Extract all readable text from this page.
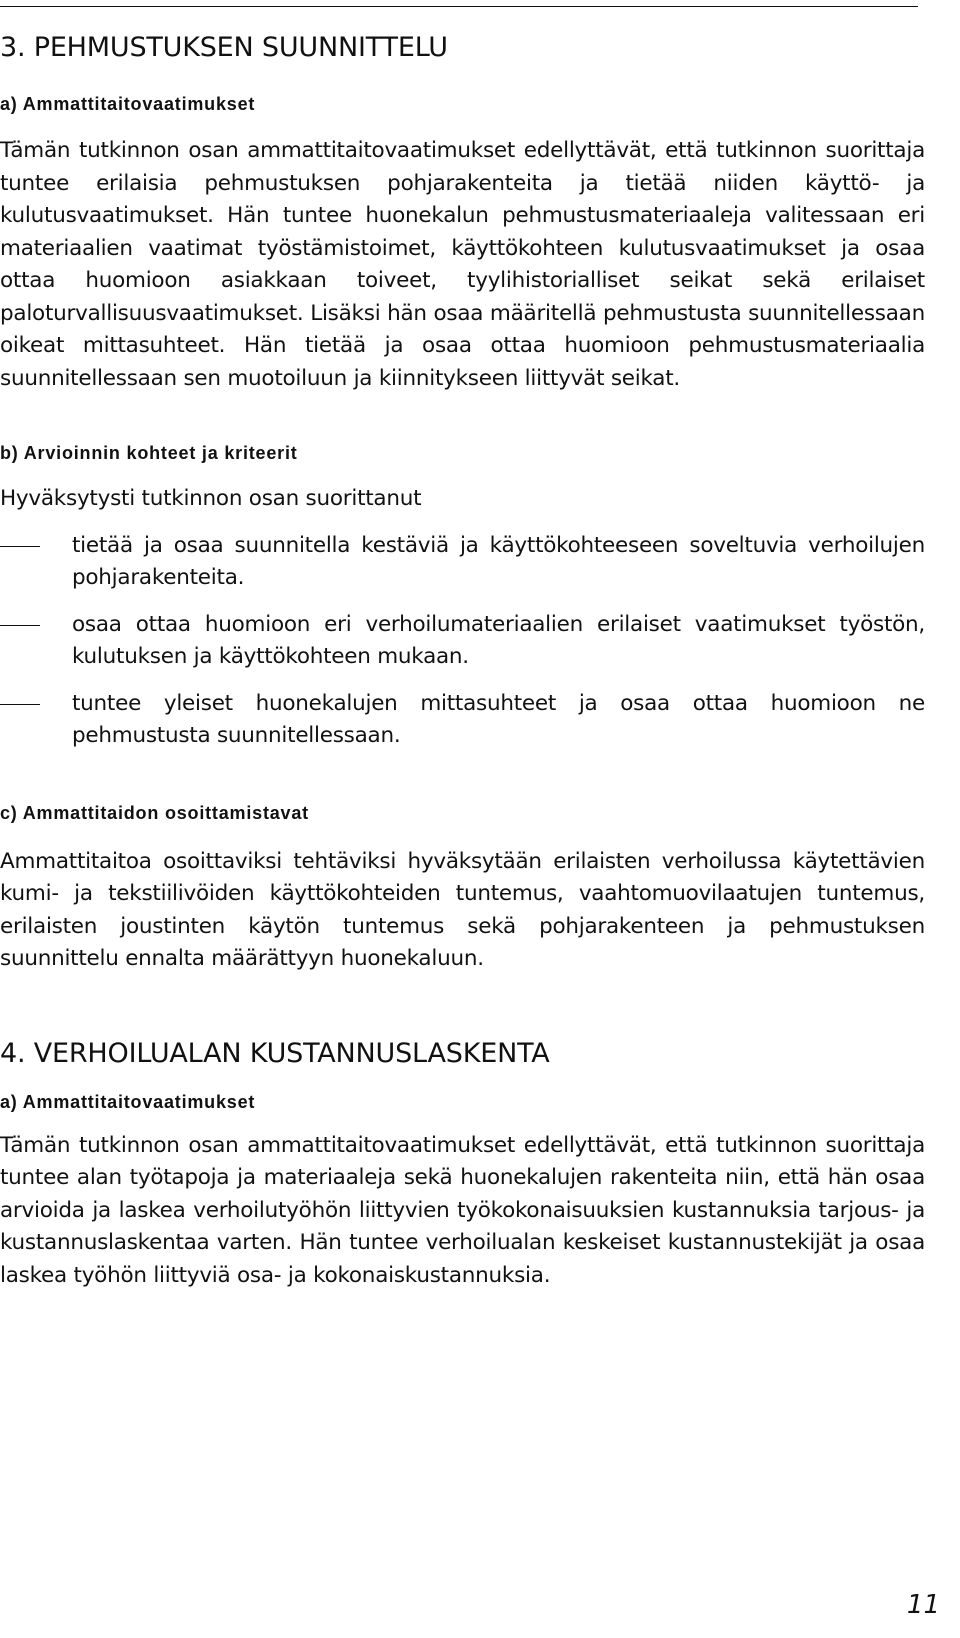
3. PEHMUSTUKSEN SUUNNITTELU
a) Ammattitaitovaatimukset

Tämän tutkinnon osan ammattitaitovaatimukset edellyttävät, että tutkinnon suorittaja tuntee erilaisia pehmustuksen pohjarakenteita ja tietää niiden käyttö- ja kulutusvaatimukset. Hän tuntee huonekalun pehmustusmateriaaleja valitessaan eri materiaalien vaatimat työstämistoimet, käyttökohteen kulutusvaatimukset ja osaa ottaa huomioon asiakkaan toiveet, tyylihistorialliset seikat sekä erilaiset paloturvallisuusvaatimukset. Lisäksi hän osaa määritellä pehmustusta suunnitellessaan oikeat mittasuhteet. Hän tietää ja osaa ottaa huomioon pehmustusmateriaalia suunnitellessaan sen muotoiluun ja kiinnitykseen liittyvät seikat.

b) Arvioinnin kohteet ja kriteerit

Hyväksytysti tutkinnon osan suorittanut

tietää ja osaa suunnitella kestäviä ja käyttökohteeseen soveltuvia verhoilujen pohjarakenteita.
osaa ottaa huomioon eri verhoilumateriaalien erilaiset vaatimukset työstön, kulutuksen ja käyttökohteen mukaan.
tuntee yleiset huonekalujen mittasuhteet ja osaa ottaa huomioon ne pehmustusta suunnitellessaan.
c) Ammattitaidon osoittamistavat

Ammattitaitoa osoittaviksi tehtäviksi hyväksytään erilaisten verhoilussa käytettävien kumi- ja tekstiilivöiden käyttökohteiden tuntemus, vaahtomuovilaatujen tuntemus, erilaisten joustinten käytön tuntemus sekä pohjarakenteen ja pehmustuksen suunnittelu ennalta määrättyyn huonekaluun.

4. VERHOILUALAN KUSTANNUSLASKENTA
a) Ammattitaitovaatimukset

Tämän tutkinnon osan ammattitaitovaatimukset edellyttävät, että tutkinnon suorittaja tuntee alan työtapoja ja materiaaleja sekä huonekalujen rakenteita niin, että hän osaa arvioida ja laskea verhoilutyöhön liittyvien työkokonaisuuksien kustannuksia tarjous- ja kustannuslaskentaa varten. Hän tuntee verhoilualan keskeiset kustannustekijät ja osaa laskea työhön liittyviä osa- ja kokonaiskustannuksia.

11
